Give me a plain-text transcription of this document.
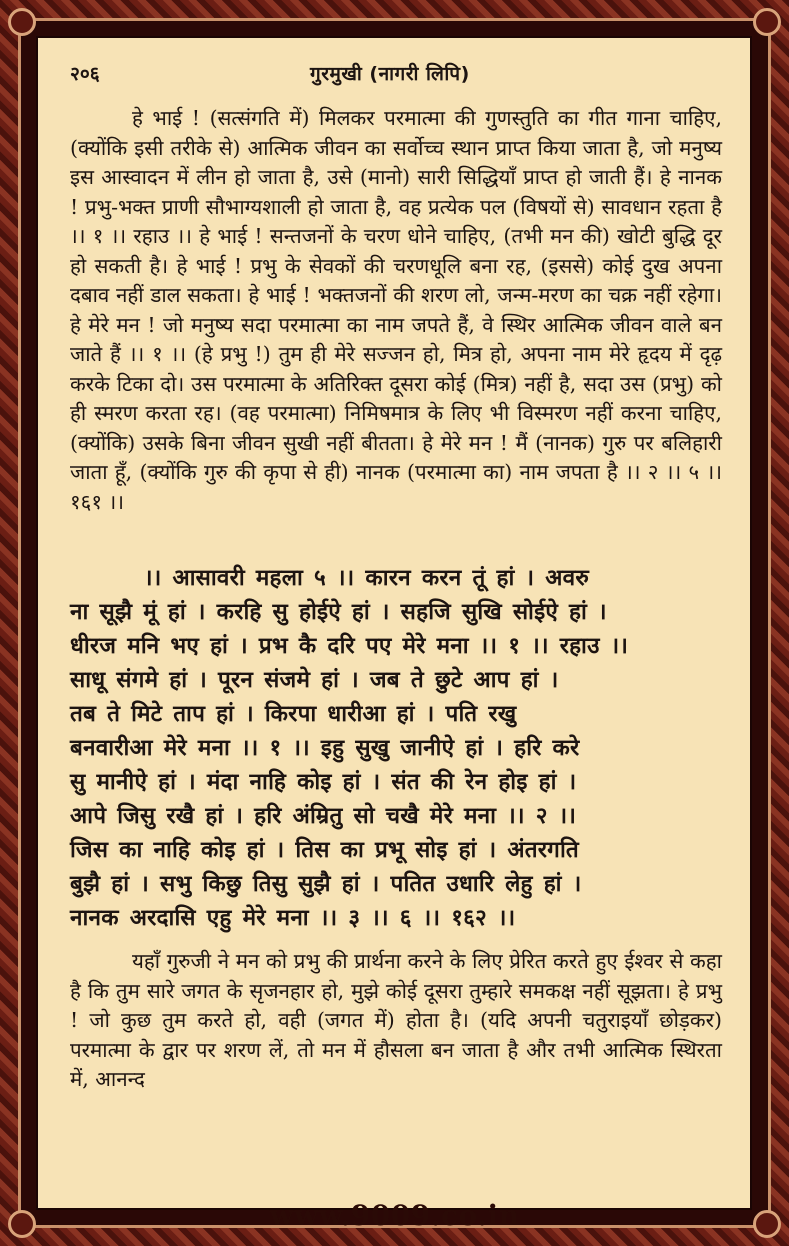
२०६	गुरमुखी (नागरी लिपि)

हे भाई ! (सत्संगति में) मिलकर परमात्मा की गुणस्तुति का गीत गाना चाहिए, (क्योंकि इसी तरीके से) आत्मिक जीवन का सर्वोच्च स्थान प्राप्त किया जाता है, जो मनुष्य इस आस्वादन में लीन हो जाता है, उसे (मानो) सारी सिद्धियाँ प्राप्त हो जाती हैं। हे नानक ! प्रभु-भक्त प्राणी सौभाग्यशाली हो जाता है, वह प्रत्येक पल (विषयों से) सावधान रहता है ।। १ ।। रहाउ ।। हे भाई ! सन्तजनों के चरण धोने चाहिए, (तभी मन की) खोटी बुद्धि दूर हो सकती है। हे भाई ! प्रभु के सेवकों की चरणधूलि बना रह, (इससे) कोई दुख अपना दबाव नहीं डाल सकता। हे भाई ! भक्तजनों की शरण लो, जन्म-मरण का चक्र नहीं रहेगा। हे मेरे मन ! जो मनुष्य सदा परमात्मा का नाम जपते हैं, वे स्थिर आत्मिक जीवन वाले बन जाते हैं ।। १ ।। (हे प्रभु !) तुम ही मेरे सज्जन हो, मित्र हो, अपना नाम मेरे हृदय में दृढ़ करके टिका दो। उस परमात्मा के अतिरिक्त दूसरा कोई (मित्र) नहीं है, सदा उस (प्रभु) को ही स्मरण करता रह। (वह परमात्मा) निमिषमात्र के लिए भी विस्मरण नहीं करना चाहिए, (क्योंकि) उसके बिना जीवन सुखी नहीं बीतता। हे मेरे मन ! मैं (नानक) गुरु पर बलिहारी जाता हूँ, (क्योंकि गुरु की कृपा से ही) नानक (परमात्मा का) नाम जपता है ।। २ ।। ५ ।। १६१ ।।

।। आसावरी महला ५ ।। कारन करन तूं हां । अवरु
ना सूझै मूं हां । करहि सु होईऐ हां । सहजि सुखि सोईऐ हां ।
धीरज मनि भए हां । प्रभ कै दरि पए मेरे मना ।। १ ।। रहाउ ।।
साधू संगमे हां । पूरन संजमे हां । जब ते छुटे आप हां ।
तब ते मिटे ताप हां । किरपा धारीआ हां । पति रखु
बनवारीआ मेरे मना ।। १ ।। इहु सुखु जानीऐ हां । हरि करे
सु मानीऐ हां । मंदा नाहि कोइ हां । संत की रेन होइ हां ।
आपे जिसु रखै हां । हरि अंम्रितु सो चखै मेरे मना ।। २ ।।
जिस का नाहि कोइ हां । तिस का प्रभू सोइ हां । अंतरगति
बुझै हां । सभु किछु तिसु सुझै हां । पतित उधारि लेहु हां ।
नानक अरदासि एहु मेरे मना ।। ३ ।। ६ ।। १६२ ।।

यहाँ गुरुजी ने मन को प्रभु की प्रार्थना करने के लिए प्रेरित करते हुए ईश्वर से कहा है कि तुम सारे जगत के सृजनहार हो, मुझे कोई दूसरा तुम्हारे समकक्ष नहीं सूझता। हे प्रभु ! जो कुछ तुम करते हो, वही (जगत में) होता है। (यदि अपनी चतुराइयाँ छोड़कर) परमात्मा के द्वार पर शरण लें, तो मन में हौसला बन जाता है और तभी आत्मिक स्थिरता में, आनन्द

www.9009.co.in
